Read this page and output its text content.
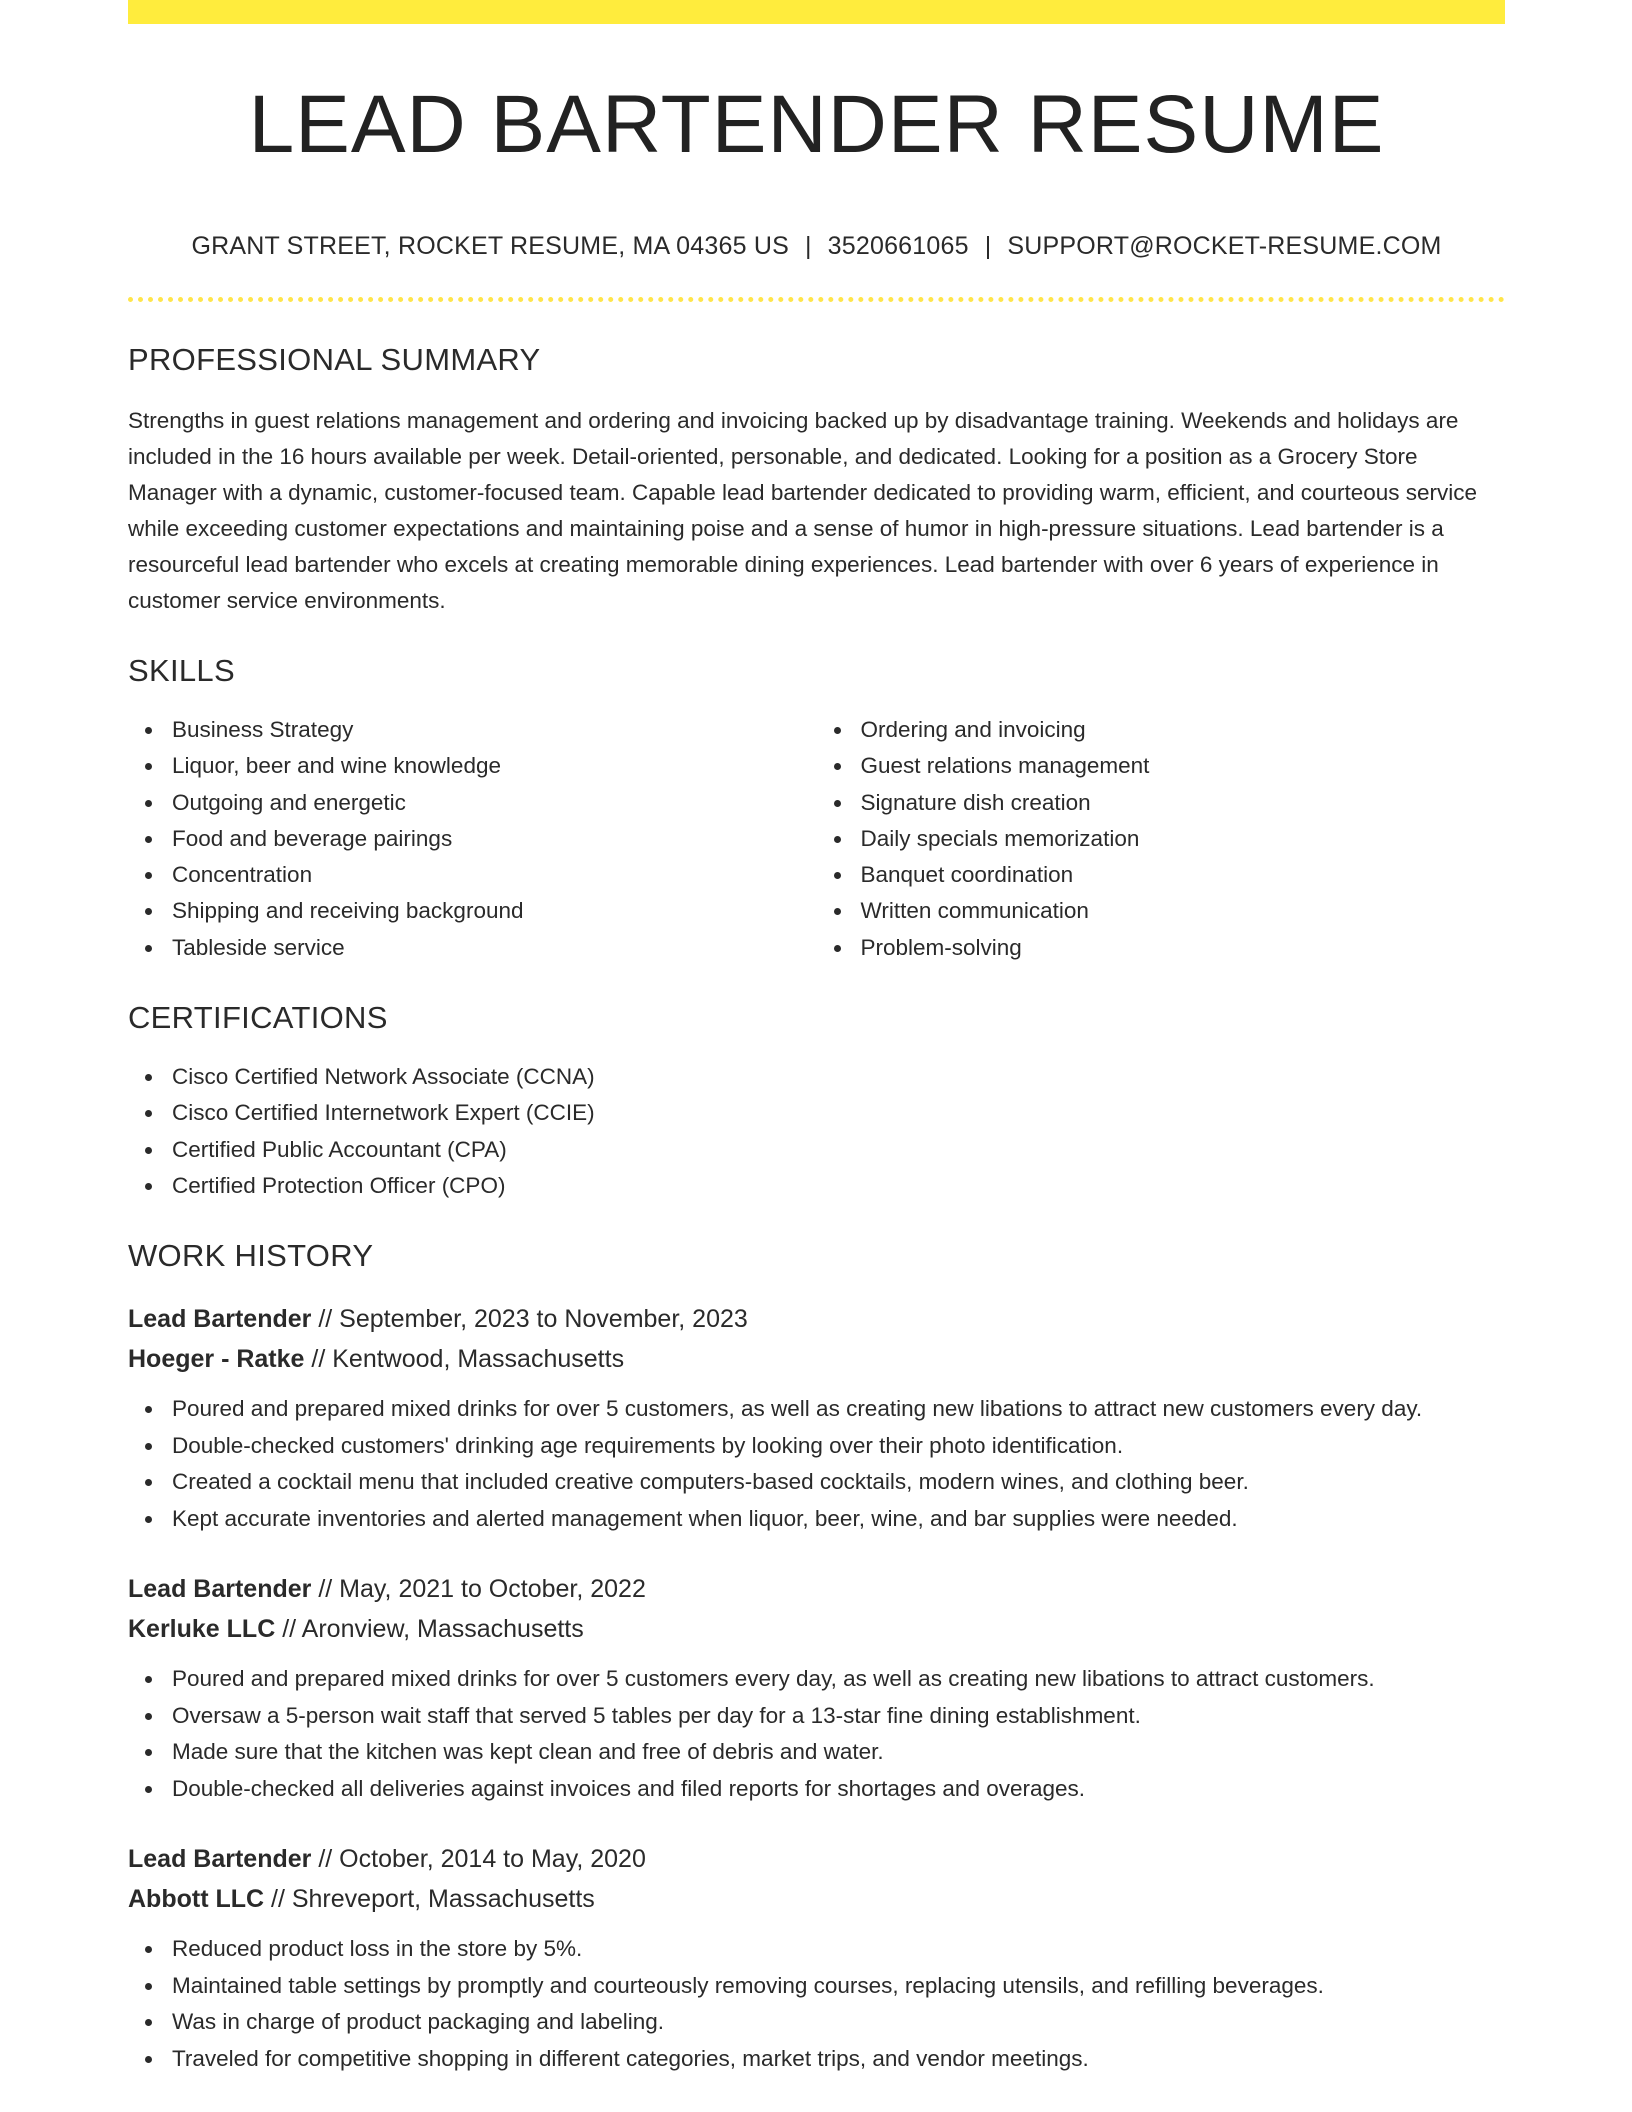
LEAD BARTENDER RESUME
GRANT STREET, ROCKET RESUME, MA 04365 US | 3520661065 | SUPPORT@ROCKET-RESUME.COM
PROFESSIONAL SUMMARY

Strengths in guest relations management and ordering and invoicing backed up by disadvantage training. Weekends and holidays are included in the 16 hours available per week. Detail-oriented, personable, and dedicated. Looking for a position as a Grocery Store Manager with a dynamic, customer-focused team. Capable lead bartender dedicated to providing warm, efficient, and courteous service while exceeding customer expectations and maintaining poise and a sense of humor in high-pressure situations. Lead bartender is a resourceful lead bartender who excels at creating memorable dining experiences. Lead bartender with over 6 years of experience in customer service environments.

SKILLS
Business Strategy
Liquor, beer and wine knowledge
Outgoing and energetic
Food and beverage pairings
Concentration
Shipping and receiving background
Tableside service
Ordering and invoicing
Guest relations management
Signature dish creation
Daily specials memorization
Banquet coordination
Written communication
Problem-solving
CERTIFICATIONS
Cisco Certified Network Associate (CCNA)
Cisco Certified Internetwork Expert (CCIE)
Certified Public Accountant (CPA)
Certified Protection Officer (CPO)
WORK HISTORY
Lead Bartender // September, 2023 to November, 2023
Hoeger - Ratke // Kentwood, Massachusetts
Poured and prepared mixed drinks for over 5 customers, as well as creating new libations to attract new customers every day.
Double-checked customers' drinking age requirements by looking over their photo identification.
Created a cocktail menu that included creative computers-based cocktails, modern wines, and clothing beer.
Kept accurate inventories and alerted management when liquor, beer, wine, and bar supplies were needed.
Lead Bartender // May, 2021 to October, 2022
Kerluke LLC // Aronview, Massachusetts
Poured and prepared mixed drinks for over 5 customers every day, as well as creating new libations to attract customers.
Oversaw a 5-person wait staff that served 5 tables per day for a 13-star fine dining establishment.
Made sure that the kitchen was kept clean and free of debris and water.
Double-checked all deliveries against invoices and filed reports for shortages and overages.
Lead Bartender // October, 2014 to May, 2020
Abbott LLC // Shreveport, Massachusetts
Reduced product loss in the store by 5%.
Maintained table settings by promptly and courteously removing courses, replacing utensils, and refilling beverages.
Was in charge of product packaging and labeling.
Traveled for competitive shopping in different categories, market trips, and vendor meetings.
